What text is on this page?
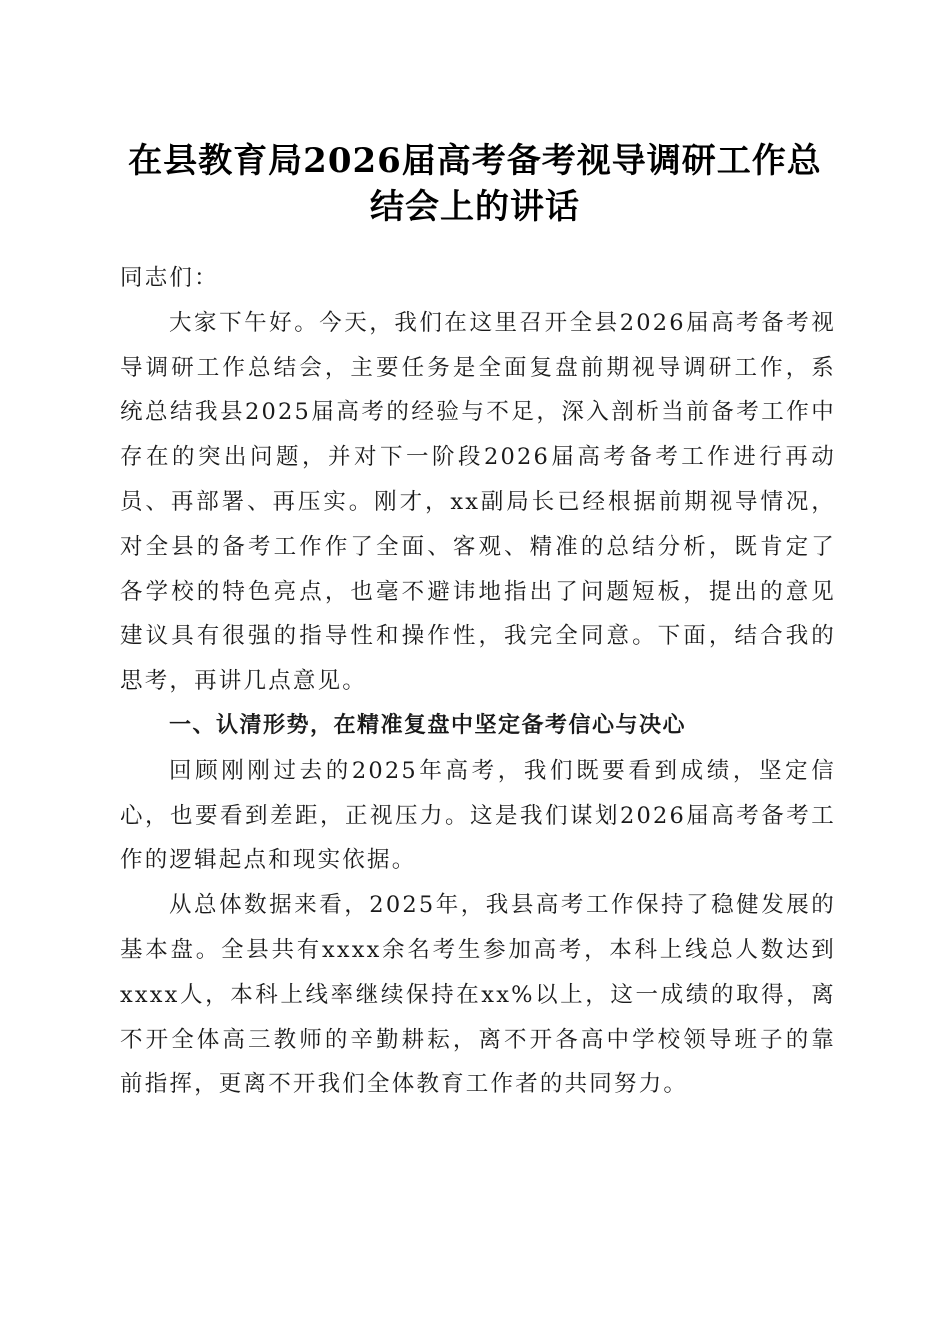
在县教育局2026届高考备考视导调研工作总
结会上的讲话

同志们：

大家下午好。今天，我们在这里召开全县2026届高考备考视导调研工作总结会，主要任务是全面复盘前期视导调研工作，系统总结我县2025届高考的经验与不足，深入剖析当前备考工作中存在的突出问题，并对下一阶段2026届高考备考工作进行再动员、再部署、再压实。刚才，xx副局长已经根据前期视导情况，对全县的备考工作作了全面、客观、精准的总结分析，既肯定了各学校的特色亮点，也毫不避讳地指出了问题短板，提出的意见建议具有很强的指导性和操作性，我完全同意。下面，结合我的思考，再讲几点意见。

一、认清形势，在精准复盘中坚定备考信心与决心

回顾刚刚过去的2025年高考，我们既要看到成绩，坚定信心，也要看到差距，正视压力。这是我们谋划2026届高考备考工作的逻辑起点和现实依据。

从总体数据来看，2025年，我县高考工作保持了稳健发展的基本盘。全县共有xxxx余名考生参加高考，本科上线总人数达到xxxx人，本科上线率继续保持在xx%以上，这一成绩的取得，离不开全体高三教师的辛勤耕耘，离不开各高中学校领导班子的靠前指挥，更离不开我们全体教育工作者的共同努力。
